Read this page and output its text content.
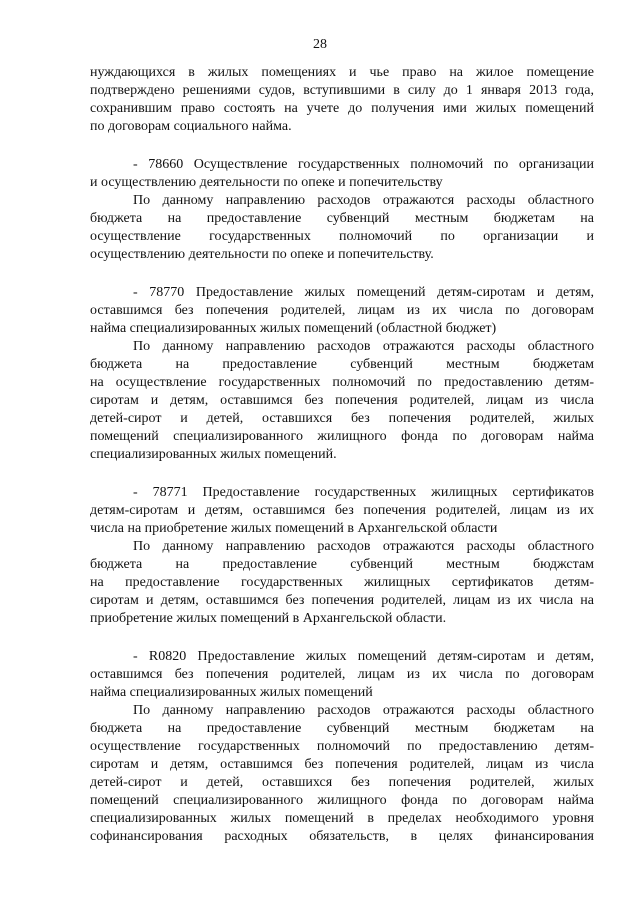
28
нуждающихся в жилых помещениях и чье право на жилое помещение
подтверждено решениями судов, вступившими в силу до 1 января 2013 года,
сохранившим право состоять на учете до получения ими жилых помещений
по договорам социального найма.
- 78660 Осуществление государственных полномочий по организации
и осуществлению деятельности по опеке и попечительству
По данному направлению расходов отражаются расходы областного
бюджета на предоставление субвенций местным бюджетам на
осуществление государственных полномочий по организации и
осуществлению деятельности по опеке и попечительству.
- 78770 Предоставление жилых помещений детям-сиротам и детям,
оставшимся без попечения родителей, лицам из их числа по договорам
найма специализированных жилых помещений (областной бюджет)
По данному направлению расходов отражаются расходы областного
бюджета на предоставление субвенций местным бюджетам
на осуществление государственных полномочий по предоставлению детям-
сиротам и детям, оставшимся без попечения родителей, лицам из числа
детей-сирот и детей, оставшихся без попечения родителей, жилых
помещений специализированного жилищного фонда по договорам найма
специализированных жилых помещений.
- 78771 Предоставление государственных жилищных сертификатов
детям-сиротам и детям, оставшимся без попечения родителей, лицам из их
числа на приобретение жилых помещений в Архангельской области
По данному направлению расходов отражаются расходы областного
бюджета на предоставление субвенций местным бюджстам
на предоставление государственных жилищных сертификатов детям-
сиротам и детям, оставшимся без попечения родителей, лицам из их числа на
приобретение жилых помещений в Архангельской области.
- R0820 Предоставление жилых помещений детям-сиротам и детям,
оставшимся без попечения родителей, лицам из их числа по договорам
найма специализированных жилых помещений
По данному направлению расходов отражаются расходы областного
бюджета на предоставление субвенций местным бюджетам на
осуществление государственных полномочий по предоставлению детям-
сиротам и детям, оставшимся без попечения родителей, лицам из числа
детей-сирот и детей, оставшихся без попечения родителей, жилых
помещений специализированного жилищного фонда по договорам найма
специализированных жилых помещений в пределах необходимого уровня
софинансирования расходных обязательств, в целях финансирования
